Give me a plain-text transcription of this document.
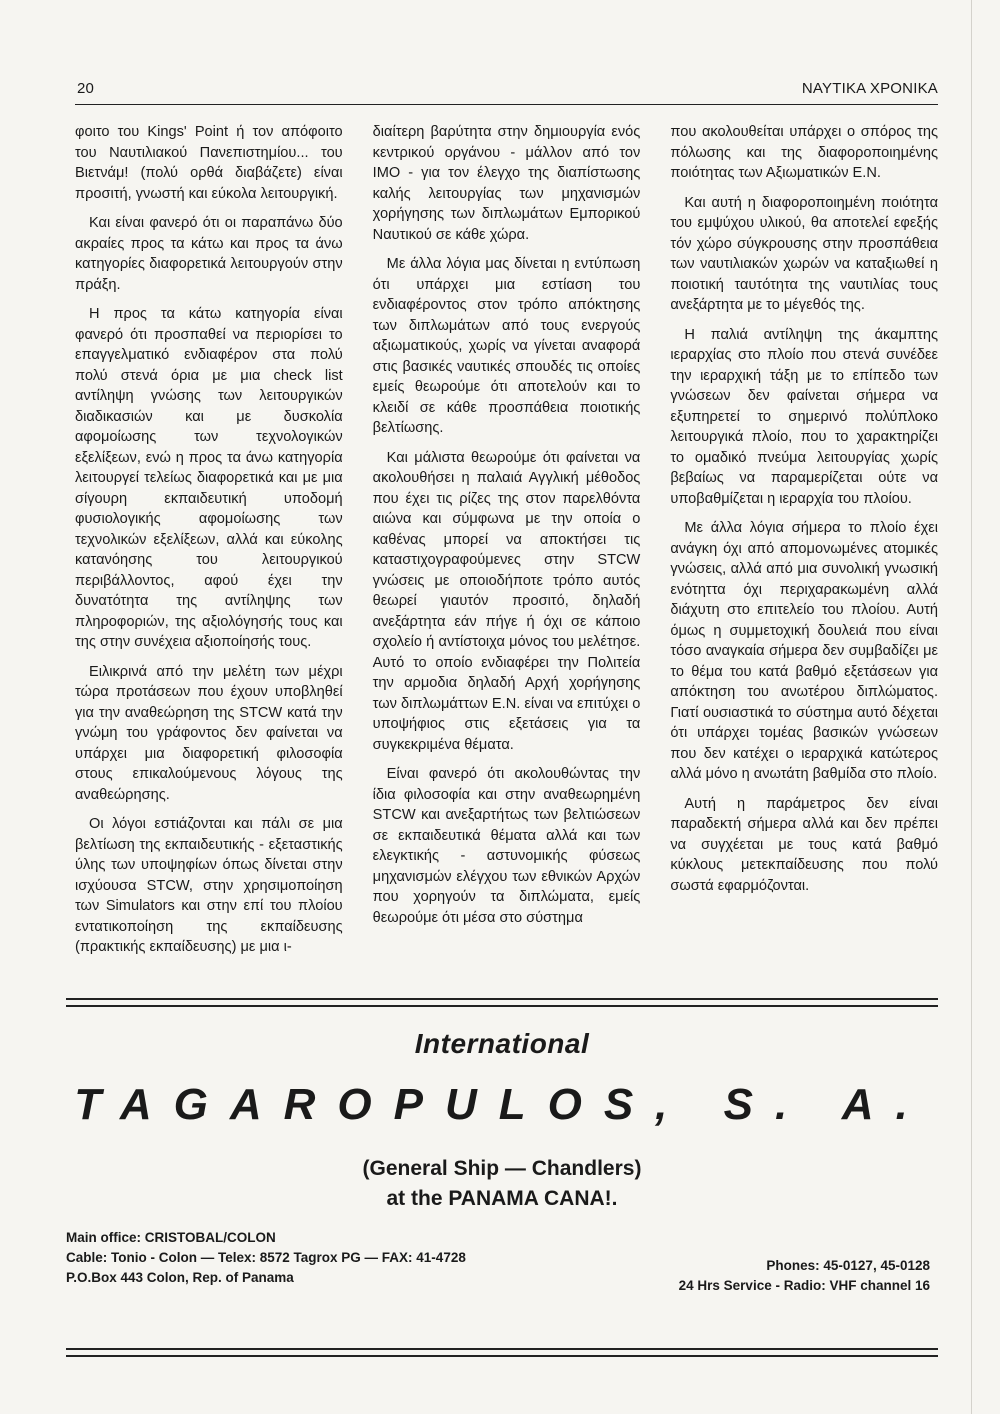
20	ΝΑΥΤΙΚΑ ΧΡΟΝΙΚΑ

φοιτο του Kings' Point ή τον απόφοιτο του Ναυτιλιακού Πανεπιστημίου... του Βιετνάμ! (πολύ ορθά διαβάζετε) είναι προσιτή, γνωστή και εύκολα λειτουργική.

Και είναι φανερό ότι οι παραπάνω δύο ακραίες προς τα κάτω και προς τα άνω κατηγορίες διαφορετικά λειτουργούν στην πράξη.

Η προς τα κάτω κατηγορία είναι φανερό ότι προσπαθεί να περιορίσει το επαγγελματικό ενδιαφέρον στα πολύ πολύ στενά όρια με μια check list αντίληψη γνώσης των λειτουργικών διαδικασιών και με δυσκολία αφομοίωσης των τεχνολογικών εξελίξεων, ενώ η προς τα άνω κατηγορία λειτουργεί τελείως διαφορετικά και με μια σίγουρη εκπαιδευτική υποδομή φυσιολογικής αφομοίωσης των τεχνολικών εξελίξεων, αλλά και εύκολης κατανόησης του λειτουργικού περιβάλλοντος, αφού έχει την δυνατότητα της αντίληψης των πληροφοριών, της αξιολόγησής τους και της στην συνέχεια αξιοποίησής τους.

Ειλικρινά από την μελέτη των μέχρι τώρα προτάσεων που έχουν υποβληθεί για την αναθεώρηση της STCW κατά την γνώμη του γράφοντος δεν φαίνεται να υπάρχει μια διαφορετική φιλοσοφία στους επικαλούμενους λόγους της αναθεώρησης.

Οι λόγοι εστιάζονται και πάλι σε μια βελτίωση της εκπαιδευτικής - εξεταστικής ύλης των υποψηφίων όπως δίνεται στην ισχύουσα STCW, στην χρησιμοποίηση των Simulators και στην επί του πλοίου εντατικοποίηση της εκπαίδευσης (πρακτικής εκπαίδευσης) με μια ι-

διαίτερη βαρύτητα στην δημιουργία ενός κεντρικού οργάνου - μάλλον από τον ΙΜΟ - για τον έλεγχο της διαπίστωσης καλής λειτουργίας των μηχανισμών χορήγησης των διπλωμάτων Εμπορικού Ναυτικού σε κάθε χώρα.

Με άλλα λόγια μας δίνεται η εντύπωση ότι υπάρχει μια εστίαση του ενδιαφέροντος στον τρόπο απόκτησης των διπλωμάτων από τους ενεργούς αξιωματικούς, χωρίς να γίνεται αναφορά στις βασικές ναυτικές σπουδές τις οποίες εμείς θεωρούμε ότι αποτελούν και το κλειδί σε κάθε προσπάθεια ποιοτικής βελτίωσης.

Και μάλιστα θεωρούμε ότι φαίνεται να ακολουθήσει η παλαιά Αγγλική μέθοδος που έχει τις ρίζες της στον παρελθόντα αιώνα και σύμφωνα με την οποία ο καθένας μπορεί να αποκτήσει τις καταστιχογραφούμενες στην STCW γνώσεις με οποιοδήποτε τρόπο αυτός θεωρεί γιαυτόν προσιτό, δηλαδή ανεξάρτητα εάν πήγε ή όχι σε κάποιο σχολείο ή αντίστοιχα μόνος του μελέτησε. Αυτό το οποίο ενδιαφέρει την Πολιτεία την αρμοδια δηλαδή Αρχή χορήγησης των διπλωμάττων Ε.Ν. είναι να επιτύχει ο υποψήφιος στις εξετάσεις για τα συγκεκριμένα θέματα.

Είναι φανερό ότι ακολουθώντας την ίδια φιλοσοφία και στην αναθεωρημένη STCW και ανεξαρτήτως των βελτιώσεων σε εκπαιδευτικά θέματα αλλά και των ελεγκτικής - αστυνομικής φύσεως μηχανισμών ελέγχου των εθνικών Αρχών που χορηγούν τα διπλώματα, εμείς θεωρούμε ότι μέσα στο σύστημα

που ακολουθείται υπάρχει ο σπόρος της πόλωσης και της διαφοροποιημένης ποιότητας των Αξιωματικών Ε.Ν.

Και αυτή η διαφοροποιημένη ποιότητα του εμψύχου υλικού, θα αποτελεί εφεξής τόν χώρο σύγκρουσης στην προσπάθεια των ναυτιλιακών χωρών να καταξιωθεί η ποιοτική ταυτότητα της ναυτιλίας τους ανεξάρτητα με το μέγεθός της.

Η παλιά αντίληψη της άκαμπτης ιεραρχίας στο πλοίο που στενά συνέδεε την ιεραρχική τάξη με το επίπεδο των γνώσεων δεν φαίνεται σήμερα να εξυπηρετεί το σημερινό πολύπλοκο λειτουργικά πλοίο, που το χαρακτηρίζει το ομαδικό πνεύμα λειτουργίας χωρίς βεβαίως να παραμερίζεται ούτε να υποβαθμίζεται η ιεραρχία του πλοίου.

Με άλλα λόγια σήμερα το πλοίο έχει ανάγκη όχι από απομονωμένες ατομικές γνώσεις, αλλά από μια συνολική γνωσική ενότηττα όχι περιχαρακωμένη αλλά διάχυτη στο επιτελείο του πλοίου. Αυτή όμως η συμμετοχική δουλειά που είναι τόσο αναγκαία σήμερα δεν συμβαδίζει με το θέμα του κατά βαθμό εξετάσεων για απόκτηση του ανωτέρου διπλώματος. Γιατί ουσιαστικά το σύστημα αυτό δέχεται ότι υπάρχει τομέας βασικών γνώσεων που δεν κατέχει ο ιεραρχικά κατώτερος αλλά μόνο η ανωτάτη βαθμίδα στο πλοίο.

Αυτή η παράμετρος δεν είναι παραδεκτή σήμερα αλλά και δεν πρέπει να συγχέεται με τους κατά βαθμό κύκλους μετεκπαίδευσης που πολύ σωστά εφαρμόζονται.

International
TAGAROPULOS, S. A.
(General Ship — Chandlers)
at the PANAMA CANA!.
Main office: CRISTOBAL/COLON
Cable: Tonio - Colon — Telex: 8572 Tagrox PG — FAX: 41-4728
P.O.Box 443 Colon, Rep. of Panama
Phones: 45-0127, 45-0128
24 Hrs Service - Radio: VHF channel 16
